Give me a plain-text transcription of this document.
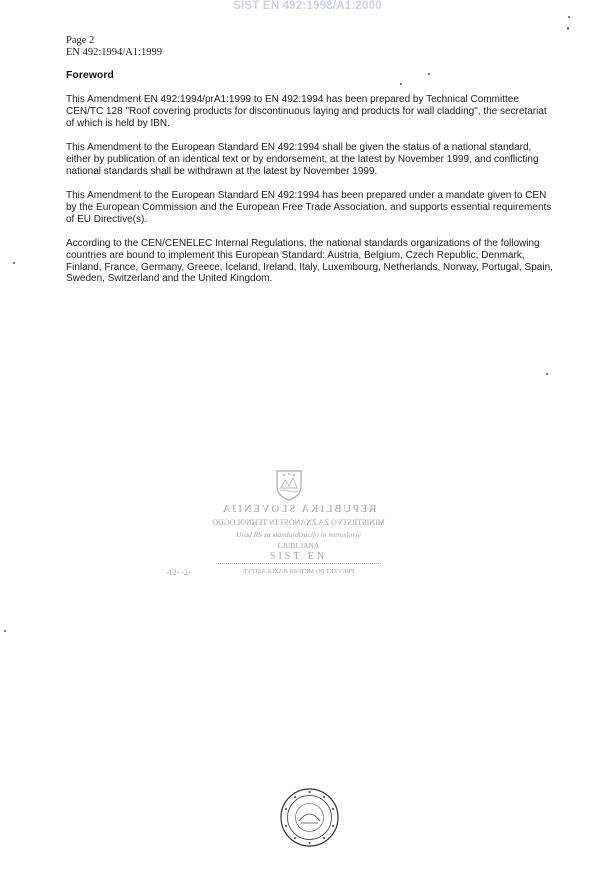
SIST EN 492:1998/A1:2000
Page 2
EN 492:1994/A1:1999
Foreword

This Amendment EN 492:1994/prA1:1999 to EN 492:1994 has been prepared by Technical Committee CEN/TC 128 "Roof covering products for discontinuous laying and products for wall cladding", the secretariat of which is held by IBN.

This Amendment to the European Standard EN 492:1994 shall be given the status of a national standard, either by publication of an identical text or by endorsement, at the latest by November 1999, and conflicting national standards shall be withdrawn at the latest by November 1999.

This Amendment to the European Standard EN 492:1994 has been prepared under a mandate given to CEN by the European Commission and the European Free Trade Association, and supports essential requirements of EU Directive(s).

According to the CEN/CENELEC Internal Regulations, the national standards organizations of the following countries are bound to implement this European Standard: Austria, Belgium, Czech Republic, Denmark, Finland, France, Germany, Greece, Iceland, Ireland, Italy, Luxembourg, Netherlands, Norway, Portugal, Spain, Sweden, Switzerland and the United Kingdom.

REPUBLIKA SLOVENIJA
MINISTRSTVO ZA ZNANOST IN TEHNOLOGIJO
Urad RS za standardizacijo in meroslovje
LJUBLJANA
SIST EN
PREVZET PO METODI RAZGLASITVE
-12- -2-
